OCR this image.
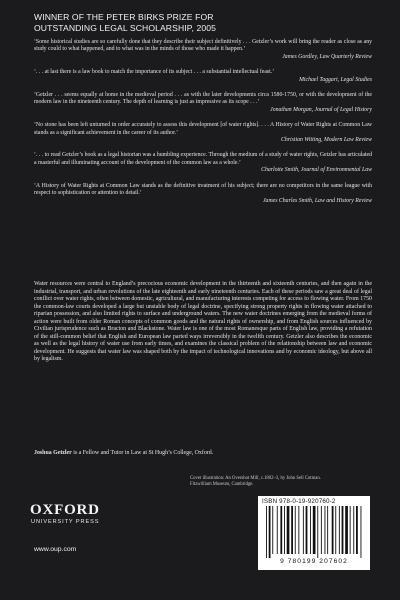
WINNER OF THE PETER BIRKS PRIZE FOR
OUTSTANDING LEGAL SCHOLARSHIP, 2005

‘Some historical studies are so carefully done that they describe their subject definitively . . . Getzler’s work will bring the reader as close as any study could to what happened, and to what was in the minds of those who made it happen.’

James Gordley, Law Quarterly Review

‘. . . at last there is a law book to match the importance of its subject . . . a substantial intellectual feast.’

Michael Taggart, Legal Studies

‘Getzler . . . seems equally at home in the medieval period . . . as with the later developments circa 1580-1750, or with the development of the modern law in the nineteenth century. The depth of learning is just as impressive as its scope . . .’

Jonathan Morgan, Journal of Legal History

‘No stone has been left unturned in order accurately to assess this development [of water rights]. . . . A History of Water Rights at Common Law stands as a significant achievement in the career of its author.’

Christian Witting, Modern Law Review

‘. . . to read Getzler’s book as a legal historian was a humbling experience. Through the medium of a study of water rights, Getzler has articulated a masterful and illuminating account of the development of the common law as a whole.’

Charlotte Smith, Journal of Environmental Law

‘A History of Water Rights at Common Law stands as the definitive treatment of his subject; there are no competitors in the same league with respect to sophistication or attention to detail.’

James Charles Smith, Law and History Review

Water resources were central to England’s precocious economic development in the thirteenth and sixteenth centuries, and then again in the industrial, transport, and urban revolutions of the late eighteenth and early nineteenth centuries. Each of these periods saw a great deal of legal conflict over water rights, often between domestic, agricultural, and manufacturing interests competing for access to flowing water. From 1750 the common-law courts developed a large but unstable body of legal doctrine, specifying strong property rights in flowing water attached to riparian possession, and also limited rights to surface and underground waters. The new water doctrines emerging from the medieval forms of action were built from older Roman concepts of common goods and the natural rights of ownership, and from English sources influenced by Civilian jurisprudence such as Bracton and Blackstone. Water law is one of the most Romanesque parts of English law, providing a refutation of the still-common belief that English and European law parted ways irreversibly in the twelfth century. Getzler also describes the economic as well as the legal history of water use from early times, and examines the classical problem of the relationship between law and economic development. He suggests that water law was shaped both by the impact of technological innovations and by economic ideology, but above all by legalism.

Joshua Getzler is a Fellow and Tutor in Law at St Hugh’s College, Oxford.

Cover illustration: An Overshot Mill, c.1802–3, by John Sell Cotman.
Fitzwilliam Museum, Cambridge.
OXFORD
UNIVERSITY PRESS
www.oup.com
ISBN 978-0-19-920760-2
9 780199 207602
